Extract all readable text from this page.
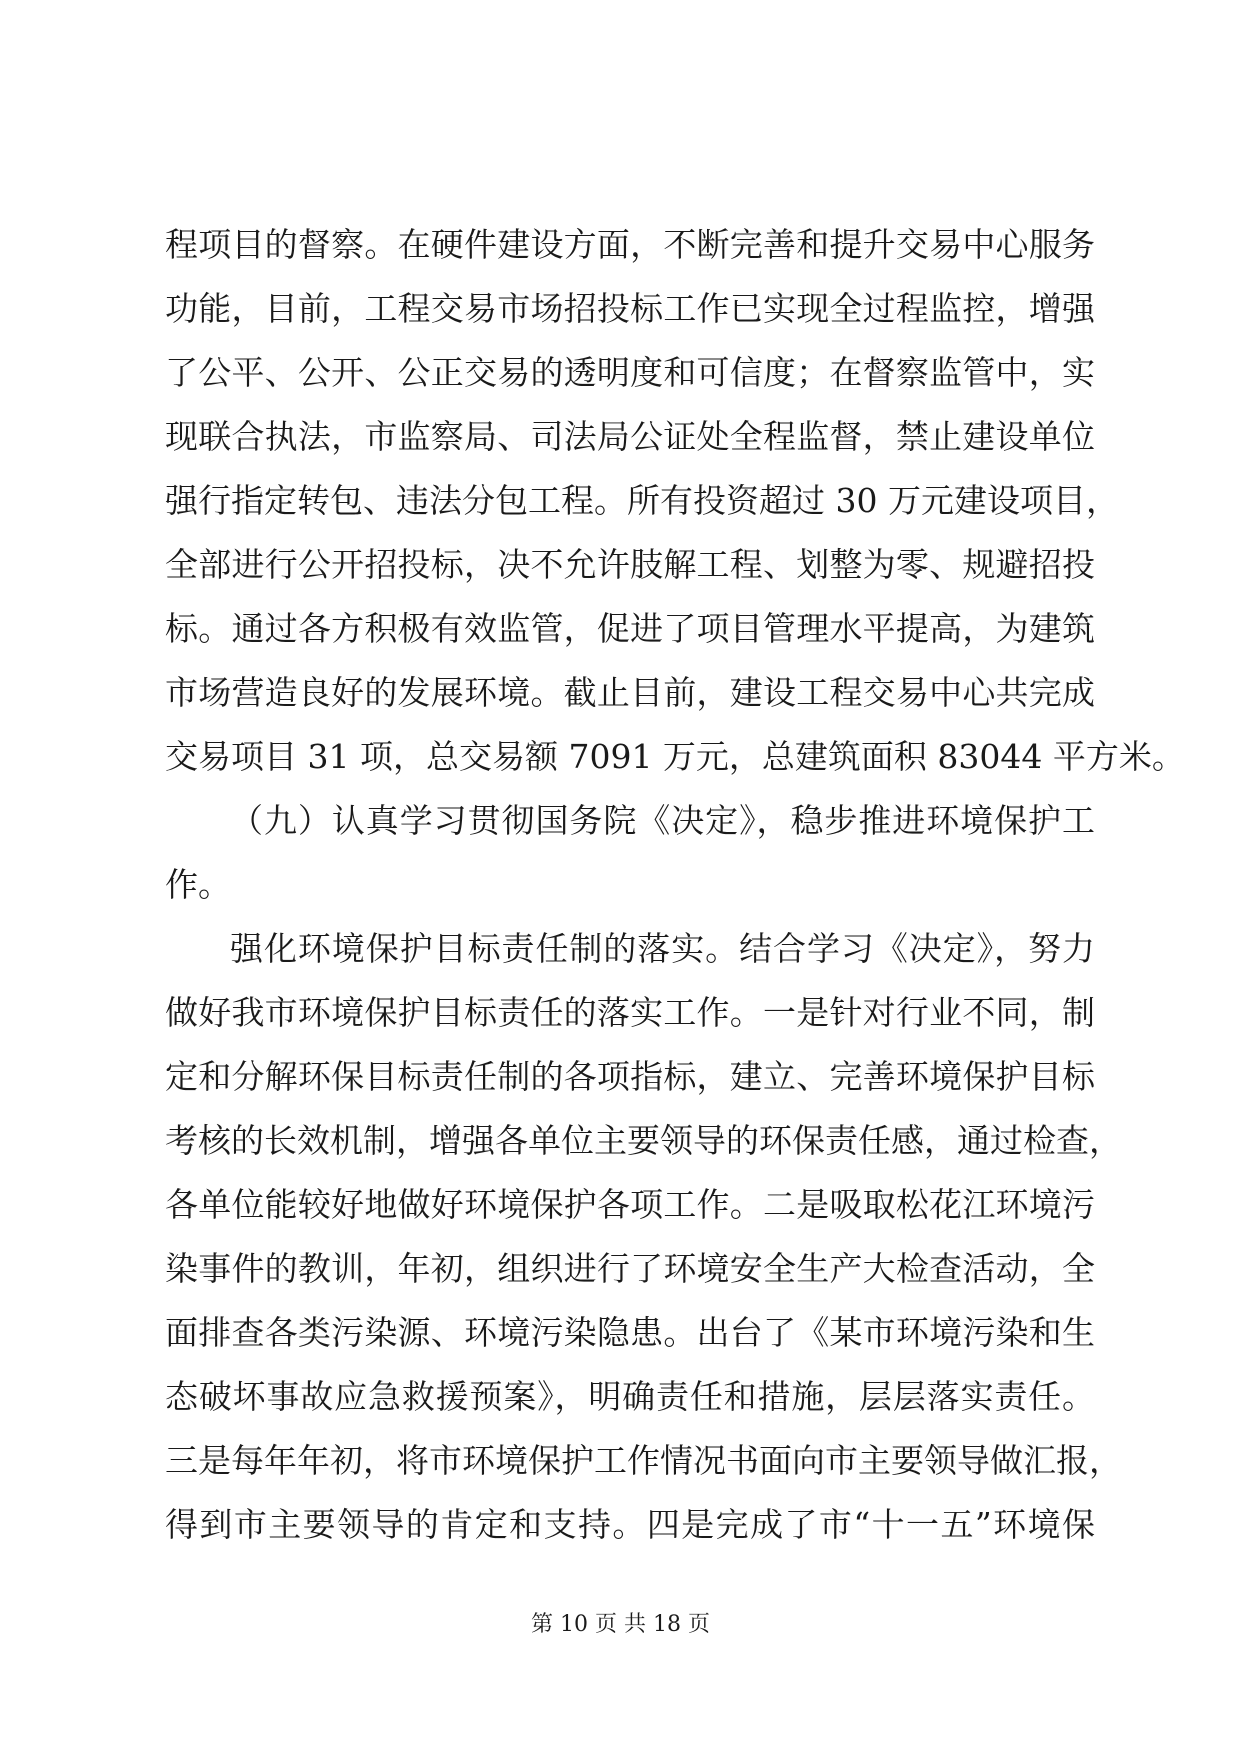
程项目的督察。在硬件建设方面，不断完善和提升交易中心服务
功能，目前，工程交易市场招投标工作已实现全过程监控，增强
了公平、公开、公正交易的透明度和可信度；在督察监管中，实
现联合执法，市监察局、司法局公证处全程监督，禁止建设单位
强行指定转包、违法分包工程。所有投资超过 30 万元建设项目，
全部进行公开招投标，决不允许肢解工程、划整为零、规避招投
标。通过各方积极有效监管，促进了项目管理水平提高，为建筑
市场营造良好的发展环境。截止目前，建设工程交易中心共完成
交易项目 31 项，总交易额 7091 万元，总建筑面积 83044 平方米。
（九）认真学习贯彻国务院《决定》，稳步推进环境保护工
作。
强化环境保护目标责任制的落实。结合学习《决定》，努力
做好我市环境保护目标责任的落实工作。一是针对行业不同，制
定和分解环保目标责任制的各项指标，建立、完善环境保护目标
考核的长效机制，增强各单位主要领导的环保责任感，通过检查，
各单位能较好地做好环境保护各项工作。二是吸取松花江环境污
染事件的教训，年初，组织进行了环境安全生产大检查活动，全
面排查各类污染源、环境污染隐患。出台了《某市环境污染和生
态破坏事故应急救援预案》，明确责任和措施，层层落实责任。
三是每年年初，将市环境保护工作情况书面向市主要领导做汇报，
得到市主要领导的肯定和支持。四是完成了市“十一五”环境保
第 10 页 共 18 页
